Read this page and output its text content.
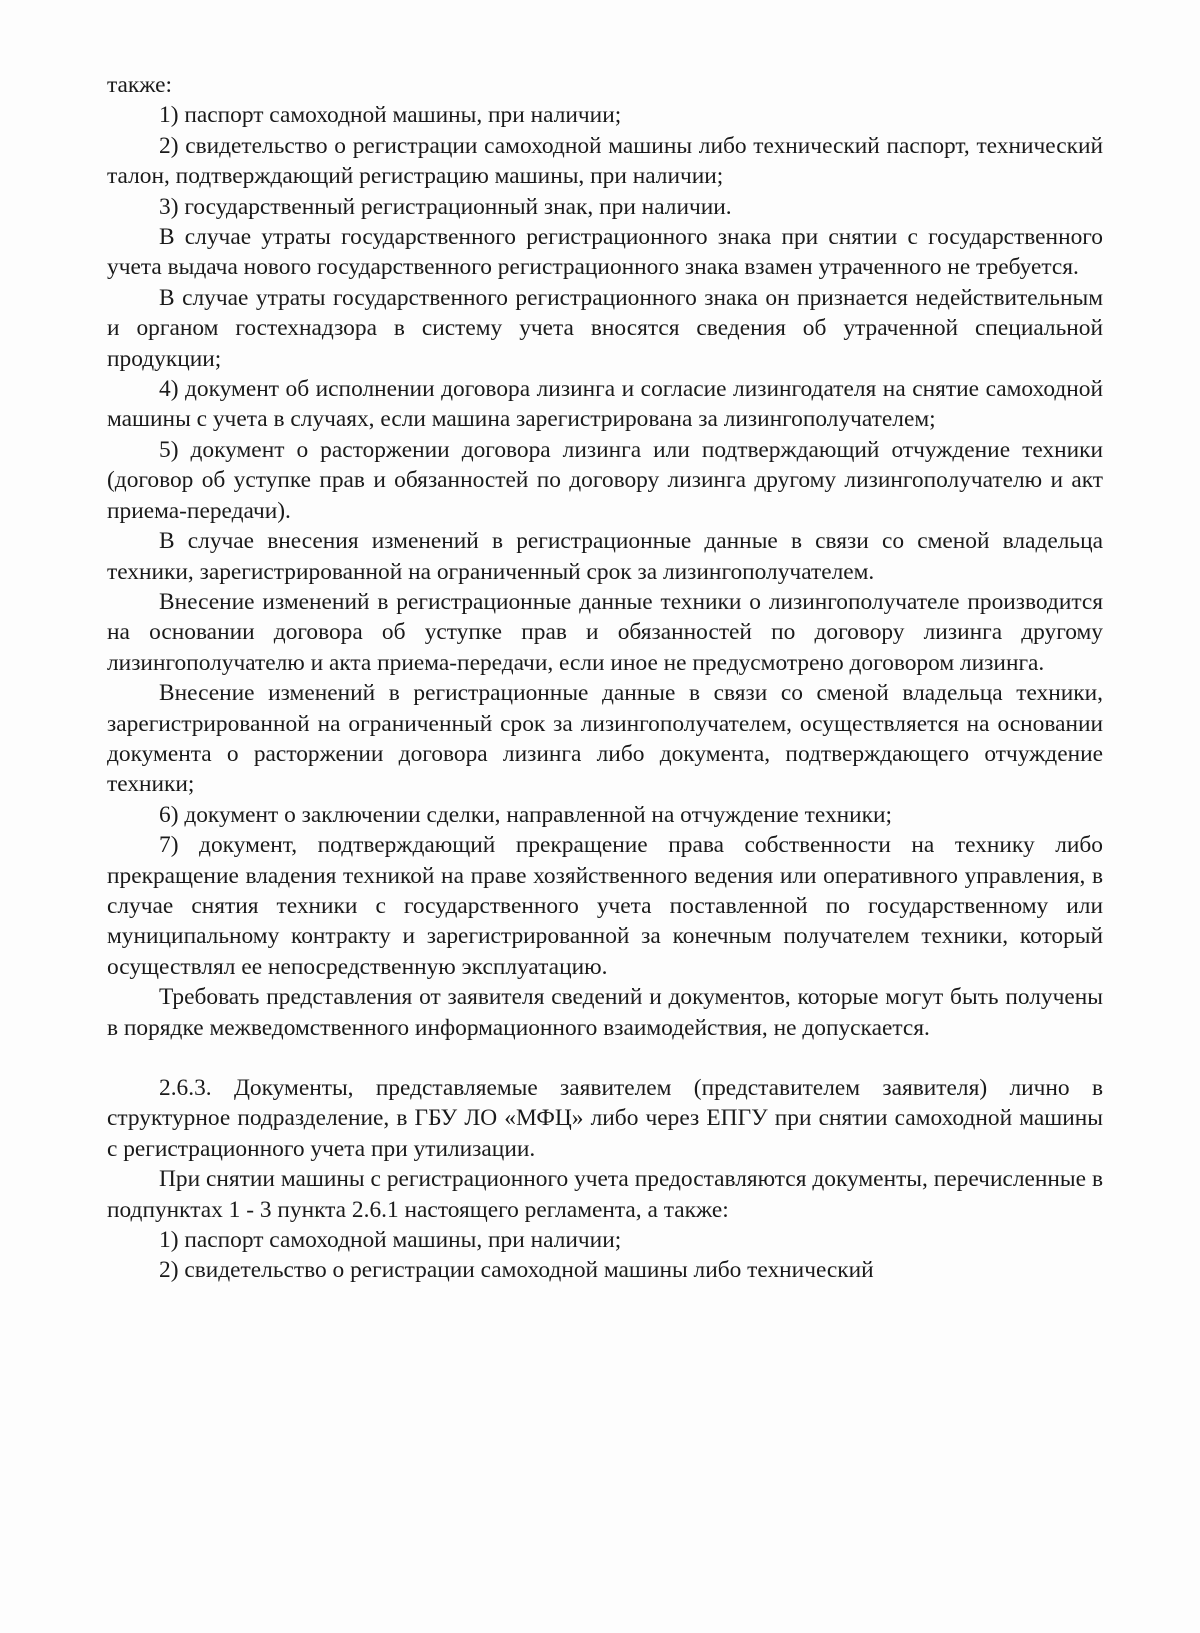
также:

1) паспорт самоходной машины, при наличии;

2) свидетельство о регистрации самоходной машины либо технический паспорт, технический талон, подтверждающий регистрацию машины, при наличии;

3) государственный регистрационный знак, при наличии.

В случае утраты государственного регистрационного знака при снятии с государственного учета выдача нового государственного регистрационного знака взамен утраченного не требуется.

В случае утраты государственного регистрационного знака он признается недействительным и органом гостехнадзора в систему учета вносятся сведения об утраченной специальной продукции;

4) документ об исполнении договора лизинга и согласие лизингодателя на снятие самоходной машины с учета в случаях, если машина зарегистрирована за лизингополучателем;

5) документ о расторжении договора лизинга или подтверждающий отчуждение техники (договор об уступке прав и обязанностей по договору лизинга другому лизингополучателю и акт приема-передачи).

В случае внесения изменений в регистрационные данные в связи со сменой владельца техники, зарегистрированной на ограниченный срок за лизингополучателем.

Внесение изменений в регистрационные данные техники о лизингополучателе производится на основании договора об уступке прав и обязанностей по договору лизинга другому лизингополучателю и акта приема-передачи, если иное не предусмотрено договором лизинга.

Внесение изменений в регистрационные данные в связи со сменой владельца техники, зарегистрированной на ограниченный срок за лизингополучателем, осуществляется на основании документа о расторжении договора лизинга либо документа, подтверждающего отчуждение техники;

6) документ о заключении сделки, направленной на отчуждение техники;

7) документ, подтверждающий прекращение права собственности на технику либо прекращение владения техникой на праве хозяйственного ведения или оперативного управления, в случае снятия техники с государственного учета поставленной по государственному или муниципальному контракту и зарегистрированной за конечным получателем техники, который осуществлял ее непосредственную эксплуатацию.

Требовать представления от заявителя сведений и документов, которые могут быть получены в порядке межведомственного информационного взаимодействия, не допускается.

2.6.3. Документы, представляемые заявителем (представителем заявителя) лично в структурное подразделение, в ГБУ ЛО «МФЦ» либо через ЕПГУ при снятии самоходной машины с регистрационного учета при утилизации.

При снятии машины с регистрационного учета предоставляются документы, перечисленные в подпунктах 1 - 3 пункта 2.6.1 настоящего регламента, а также:

1) паспорт самоходной машины, при наличии;

2) свидетельство о регистрации самоходной машины либо технический
